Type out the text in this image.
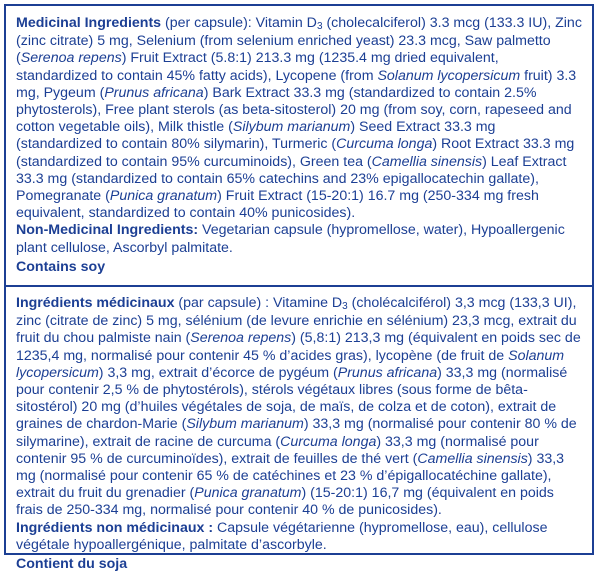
Medicinal Ingredients (per capsule): Vitamin D3 (cholecalciferol) 3.3 mcg (133.3 IU), Zinc (zinc citrate) 5 mg, Selenium (from selenium enriched yeast) 23.3 mcg, Saw palmetto (Serenoa repens) Fruit Extract (5.8:1) 213.3 mg (1235.4 mg dried equivalent, standardized to contain 45% fatty acids), Lycopene (from Solanum lycopersicum fruit) 3.3 mg, Pygeum (Prunus africana) Bark Extract 33.3 mg (standardized to contain 2.5% phytosterols), Free plant sterols (as beta-sitosterol) 20 mg (from soy, corn, rapeseed and cotton vegetable oils), Milk thistle (Silybum marianum) Seed Extract 33.3 mg (standardized to contain 80% silymarin), Turmeric (Curcuma longa) Root Extract 33.3 mg (standardized to contain 95% curcuminoids), Green tea (Camellia sinensis) Leaf Extract 33.3 mg (standardized to contain 65% catechins and 23% epigallocatechin gallate), Pomegranate (Punica granatum) Fruit Extract (15-20:1) 16.7 mg (250-334 mg fresh equivalent, standardized to contain 40% punicosides).

Non-Medicinal Ingredients: Vegetarian capsule (hypromellose, water), Hypoallergenic plant cellulose, Ascorbyl palmitate.

Contains soy

Ingrédients médicinaux (par capsule) : Vitamine D3 (cholécalciférol) 3,3 mcg (133,3 UI), zinc (citrate de zinc) 5 mg, sélénium (de levure enrichie en sélénium) 23,3 mcg, extrait du fruit du chou palmiste nain (Serenoa repens) (5,8:1) 213,3 mg (équivalent en poids sec de 1235,4 mg, normalisé pour contenir 45 % d’acides gras), lycopène (de fruit de Solanum lycopersicum) 3,3 mg, extrait d’écorce de pygéum (Prunus africana) 33,3 mg (normalisé pour contenir 2,5 % de phytostérols), stérols végétaux libres (sous forme de bêta-sitostérol) 20 mg (d’huiles végétales de soja, de maïs, de colza et de coton), extrait de graines de chardon-Marie (Silybum marianum) 33,3 mg (normalisé pour contenir 80 % de silymarine), extrait de racine de curcuma (Curcuma longa) 33,3 mg (normalisé pour contenir 95 % de curcuminoïdes), extrait de feuilles de thé vert (Camellia sinensis) 33,3 mg (normalisé pour contenir 65 % de catéchines et 23 % d’épigallocatéchine gallate), extrait du fruit du grenadier (Punica granatum) (15-20:1) 16,7 mg (équivalent en poids frais de 250-334 mg, normalisé pour contenir 40 % de punicosides).

Ingrédients non médicinaux : Capsule végétarienne (hypromellose, eau), cellulose végétale hypoallergénique, palmitate d’ascorbyle.

Contient du soja
